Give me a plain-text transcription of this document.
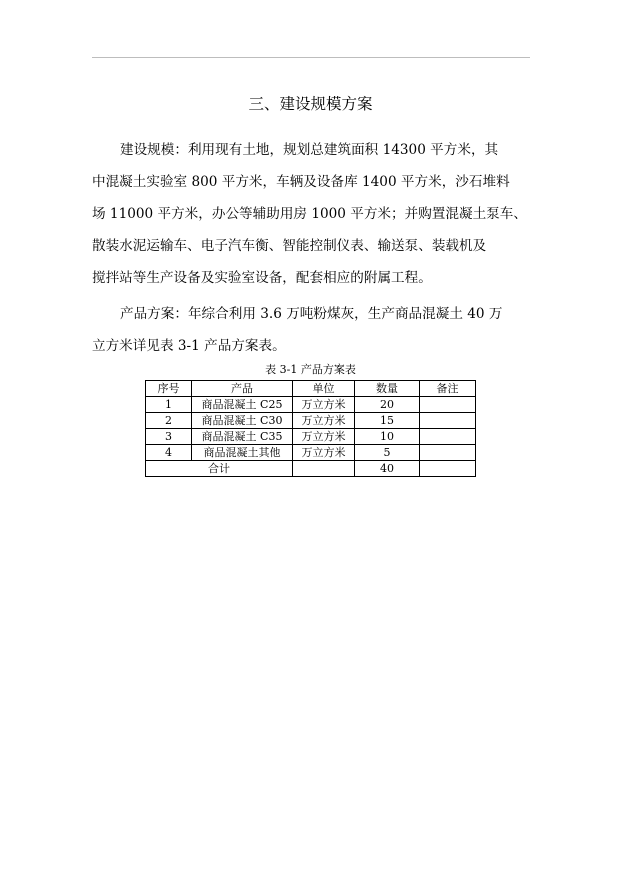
三、建设规模方案
建设规模：利用现有土地，规划总建筑面积 14300 平方米，其
中混凝土实验室 800 平方米，车辆及设备库 1400 平方米，沙石堆料
场 11000 平方米，办公等辅助用房 1000 平方米；并购置混凝土泵车、
散装水泥运输车、电子汽车衡、智能控制仪表、输送泵、装载机及
搅拌站等生产设备及实验室设备，配套相应的附属工程。
产品方案：年综合利用 3.6 万吨粉煤灰，生产商品混凝土 40 万
立方米详见表 3-1 产品方案表。
表 3-1 产品方案表
序号	产品	单位	数量	备注
1	商品混凝土 C25	万立方米	20	
2	商品混凝土 C30	万立方米	15	
3	商品混凝土 C35	万立方米	10	
4	商品混凝土其他	万立方米	5	
合计			40	
